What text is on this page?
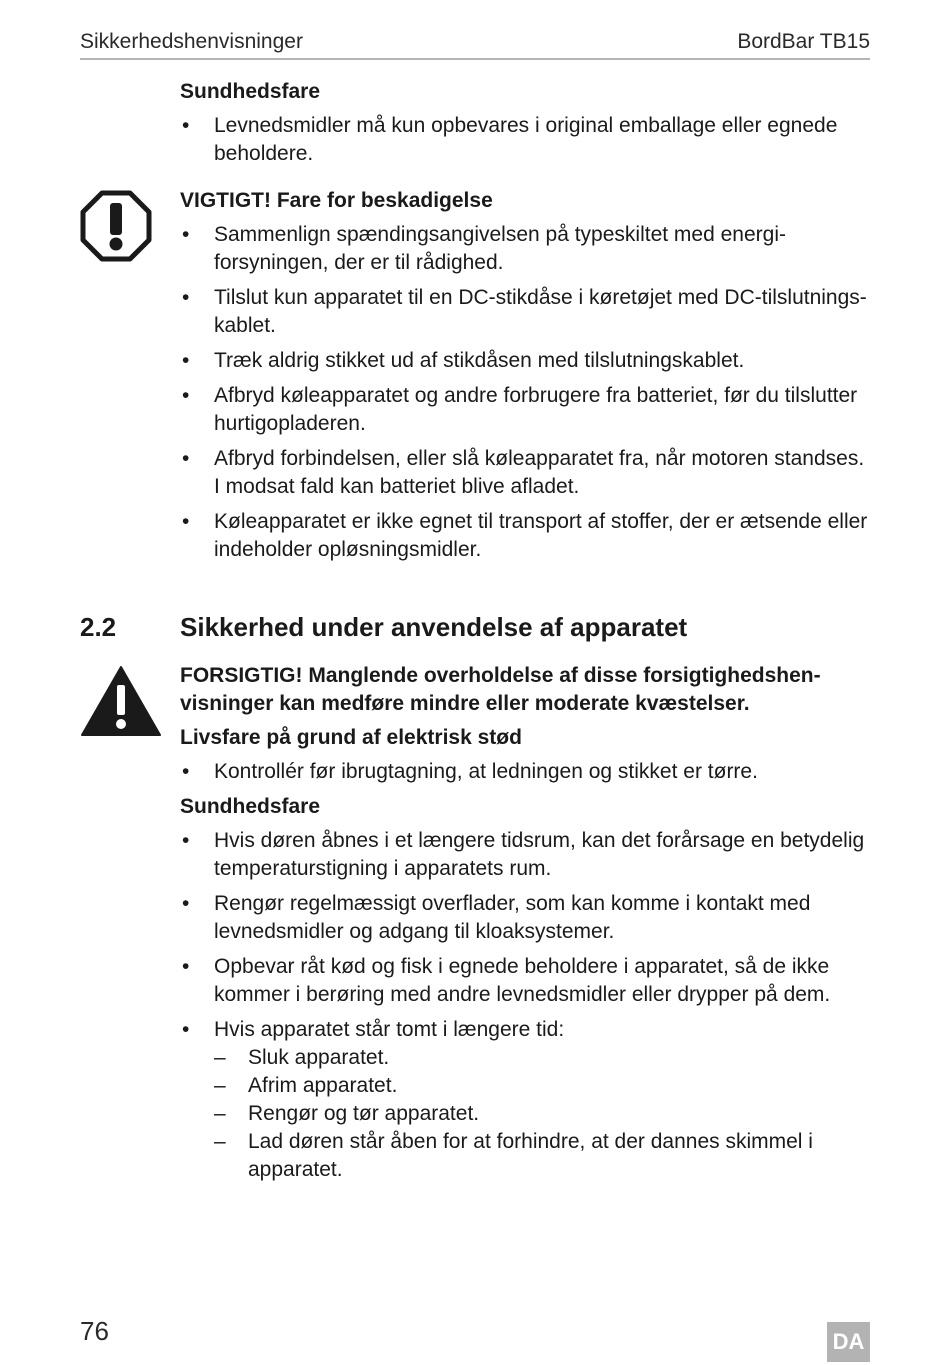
Sikkerhedshenvisninger	BordBar TB15
Sundhedsfare
• Levnedsmidler må kun opbevares i original emballage eller egnede beholdere.
VIGTIGT! Fare for beskadigelse
• Sammenlign spændingsangivelsen på typeskiltet med energi-forsyningen, der er til rådighed.
• Tilslut kun apparatet til en DC-stikdåse i køretøjet med DC-tilslutnings-kablet.
• Træk aldrig stikket ud af stikdåsen med tilslutningskablet.
• Afbryd køleapparatet og andre forbrugere fra batteriet, før du tilslutter hurtigopladeren.
• Afbryd forbindelsen, eller slå køleapparatet fra, når motoren standses. I modsat fald kan batteriet blive afladet.
• Køleapparatet er ikke egnet til transport af stoffer, der er ætsende eller indeholder opløsningsmidler.
2.2 Sikkerhed under anvendelse af apparatet
FORSIGTIG! Manglende overholdelse af disse forsigtighedshen-visninger kan medføre mindre eller moderate kvæstelser.
Livsfare på grund af elektrisk stød
• Kontrollér før ibrugtagning, at ledningen og stikket er tørre.
Sundhedsfare
• Hvis døren åbnes i et længere tidsrum, kan det forårsage en betydelig temperaturstigning i apparatets rum.
• Rengør regelmæssigt overflader, som kan komme i kontakt med levnedsmidler og adgang til kloaksystemer.
• Opbevar råt kød og fisk i egnede beholdere i apparatet, så de ikke kommer i berøring med andre levnedsmidler eller drypper på dem.
• Hvis apparatet står tomt i længere tid:
– Sluk apparatet.
– Afrim apparatet.
– Rengør og tør apparatet.
– Lad døren står åben for at forhindre, at der dannes skimmel i apparatet.
76	DA
